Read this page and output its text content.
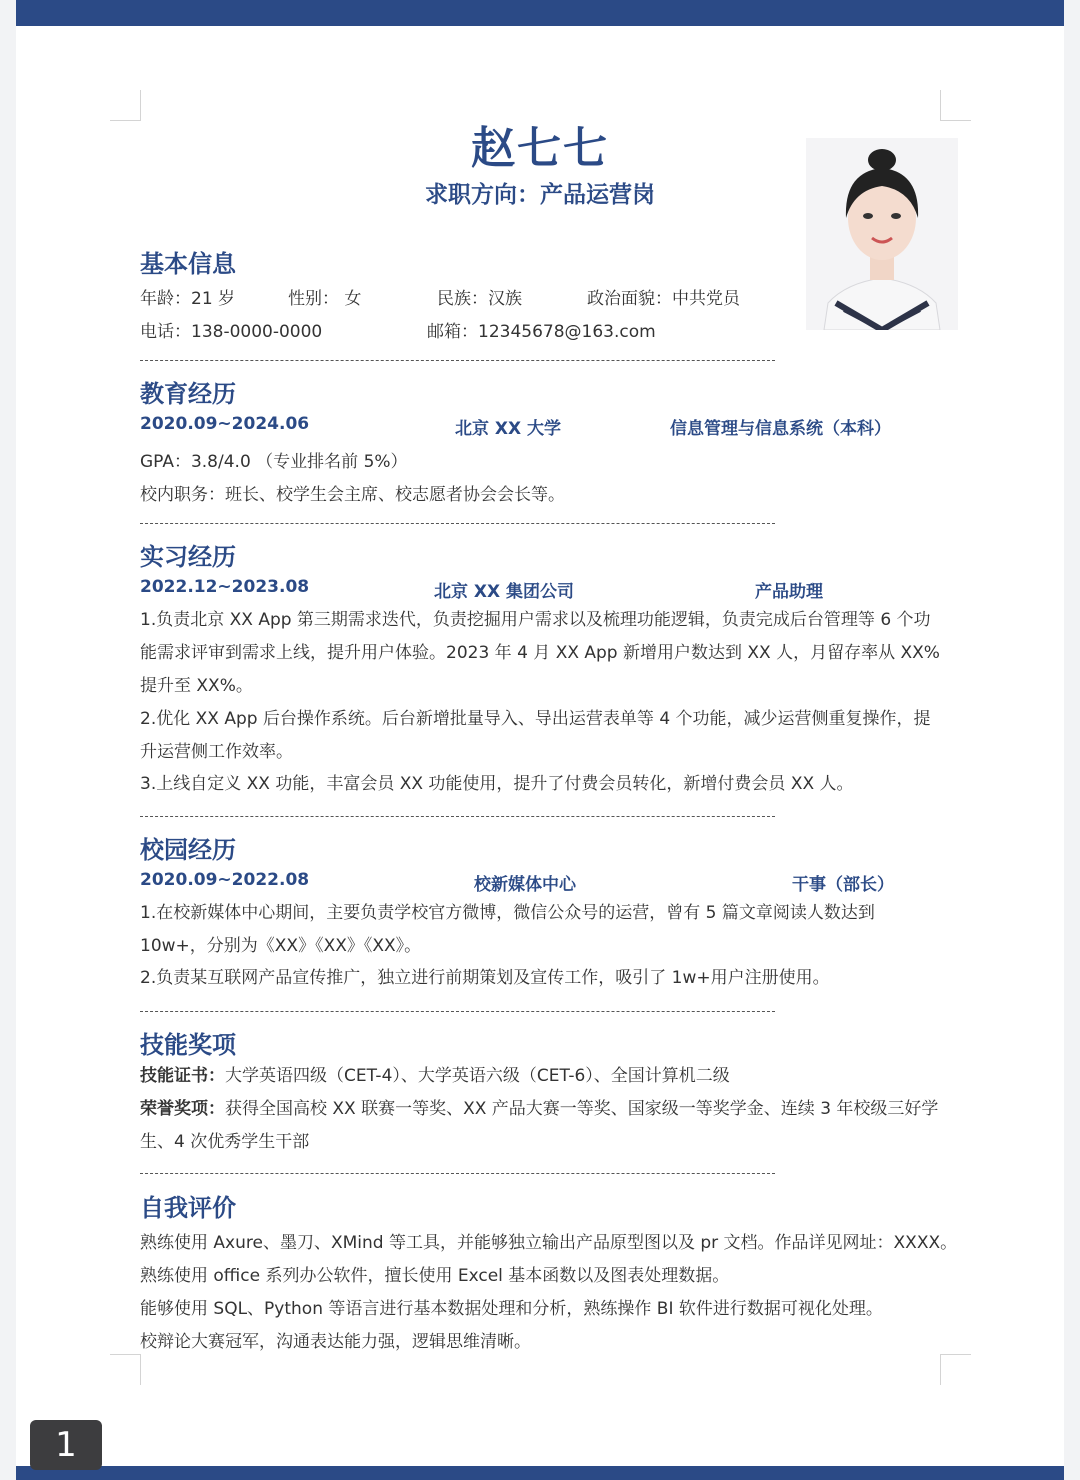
赵七七
求职方向：产品运营岗
基本信息
年龄：21 岁	性别： 女	民族：汉族	政治面貌：中共党员
电话：138-0000-0000	邮箱：12345678@163.com
教育经历
2020.09~2024.06	北京 XX 大学	信息管理与信息系统（本科）
GPA：3.8/4.0 （专业排名前 5%）
校内职务：班长、校学生会主席、校志愿者协会会长等。
实习经历
2022.12~2023.08	北京 XX 集团公司	产品助理
1.负责北京 XX App 第三期需求迭代，负责挖掘用户需求以及梳理功能逻辑，负责完成后台管理等 6 个功能需求评审到需求上线，提升用户体验。2023 年 4 月 XX App 新增用户数达到 XX 人，月留存率从 XX% 提升至 XX%。
2.优化 XX App 后台操作系统。后台新增批量导入、导出运营表单等 4 个功能，减少运营侧重复操作，提升运营侧工作效率。
3.上线自定义 XX 功能，丰富会员 XX 功能使用，提升了付费会员转化，新增付费会员 XX 人。
校园经历
2020.09~2022.08	校新媒体中心	干事（部长）
1.在校新媒体中心期间，主要负责学校官方微博，微信公众号的运营，曾有 5 篇文章阅读人数达到 10w+，分别为《XX》《XX》《XX》。
2.负责某互联网产品宣传推广，独立进行前期策划及宣传工作，吸引了 1w+用户注册使用。
技能奖项
技能证书：大学英语四级（CET-4）、大学英语六级（CET-6）、全国计算机二级
荣誉奖项：获得全国高校 XX 联赛一等奖、XX 产品大赛一等奖、国家级一等奖学金、连续 3 年校级三好学生、4 次优秀学生干部
自我评价
熟练使用 Axure、墨刀、XMind 等工具，并能够独立输出产品原型图以及 pr 文档。作品详见网址：XXXX。
熟练使用 office 系列办公软件，擅长使用 Excel 基本函数以及图表处理数据。
能够使用 SQL、Python 等语言进行基本数据处理和分析，熟练操作 BI 软件进行数据可视化处理。
校辩论大赛冠军，沟通表达能力强，逻辑思维清晰。
1
